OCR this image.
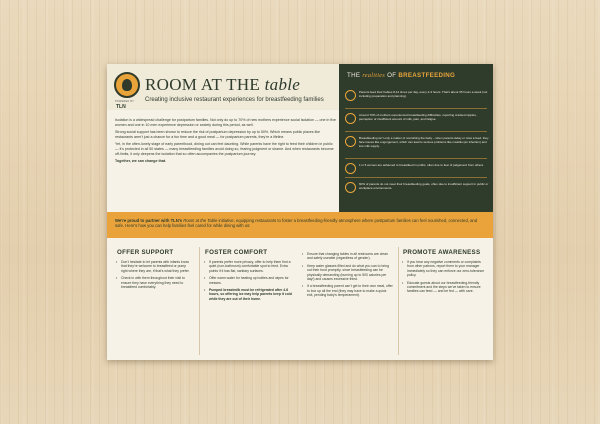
POWERED BY
TLN
ROOM AT THE table
Creating inclusive restaurant experiences for breastfeeding families

Isolation is a widespread challenge for postpartum families. Not only do up to 70% of new mothers experience social isolation — one in five women and one in 10 men experience depression or anxiety during this period, as well.

Strong social support has been shown to reduce the risk of postpartum depression by up to 50%. Which means public places like restaurants aren't just a chance for a fun time and a good meal — for postpartum parents, they're a lifeline.

Yet, in the often-lonely stage of early parenthood, dining out can feel daunting. While parents have the right to feed their children in public — it's protected in all 50 states — many breastfeeding families avoid doing so, fearing judgment or shame. And when restaurants become off-limits, it only deepens the isolation that so often accompanies the postpartum journey.

Together, we can change that.

THE realities OF BREASTFEEDING
Parents feed their babies 8-12 times per day, every 2-3 hours. That's about 35 hours a week (not including preparation and planning).
Around 70% of mothers experienced breastfeeding difficulties, reporting cracked nipples, perception of insufficient amount of milk, pain, and fatigue.
Breastfeeding isn't only a matter of nourishing the baby – when parents delay or miss a feed, they face issues like engorgement, which can lead to serious problems like mastitis (an infection) and low milk supply.
1 in 5 women are ashamed to breastfeed in public, often due to fear of judgement from others.
60% of parents do not meet their breastfeeding goals, often due to insufficient support in public or workplace environments.
We're proud to partner with TLN's Room at the Table initiative, equipping restaurants to foster a breastfeeding-friendly atmosphere where postpartum families can feel nourished, connected, and safe. Here's how you can help families feel cared for while dining with us:
OFFER SUPPORT
• Don't hesitate to let parents with infants know that they're welcome to breastfeed or pump right where they are, if that's what they prefer.
• Check in with them throughout their visit to ensure they have everything they need to breastfeed comfortably.
FOSTER COMFORT
• If parents prefer more privacy, offer to help them find a quiet (non-bathroom) comfortable spot to feed. Extra points if it has flat, sanitary surfaces.
• Offer warm water for heating up bottles and wipes for messes.
• Pumped breastmilk must be refrigerated after 4-6 hours, so offering ice may help parents keep it cold while they are out of their home.
• Ensure that changing tables in all restrooms are clean and safely useable (regardless of gender).
• Keep water glasses filled and do what you can to bring out their food promptly, since breastfeeding can be physically demanding (burning up to 500 calories per day!) and causes excessive thirst.
• If a breastfeeding parent can't get to their own meal, offer to box up all the end (they may have to make a quick exit, pending baby's temperament).
PROMOTE AWARENESS
• If you hear any negative comments or complaints from other patrons, report them to your manager immediately so they can enforce our zero-tolerance policy.
• Educate guests about our breastfeeding-friendly commitment and the steps we've taken to ensure families can feed — and be fed — with care.
